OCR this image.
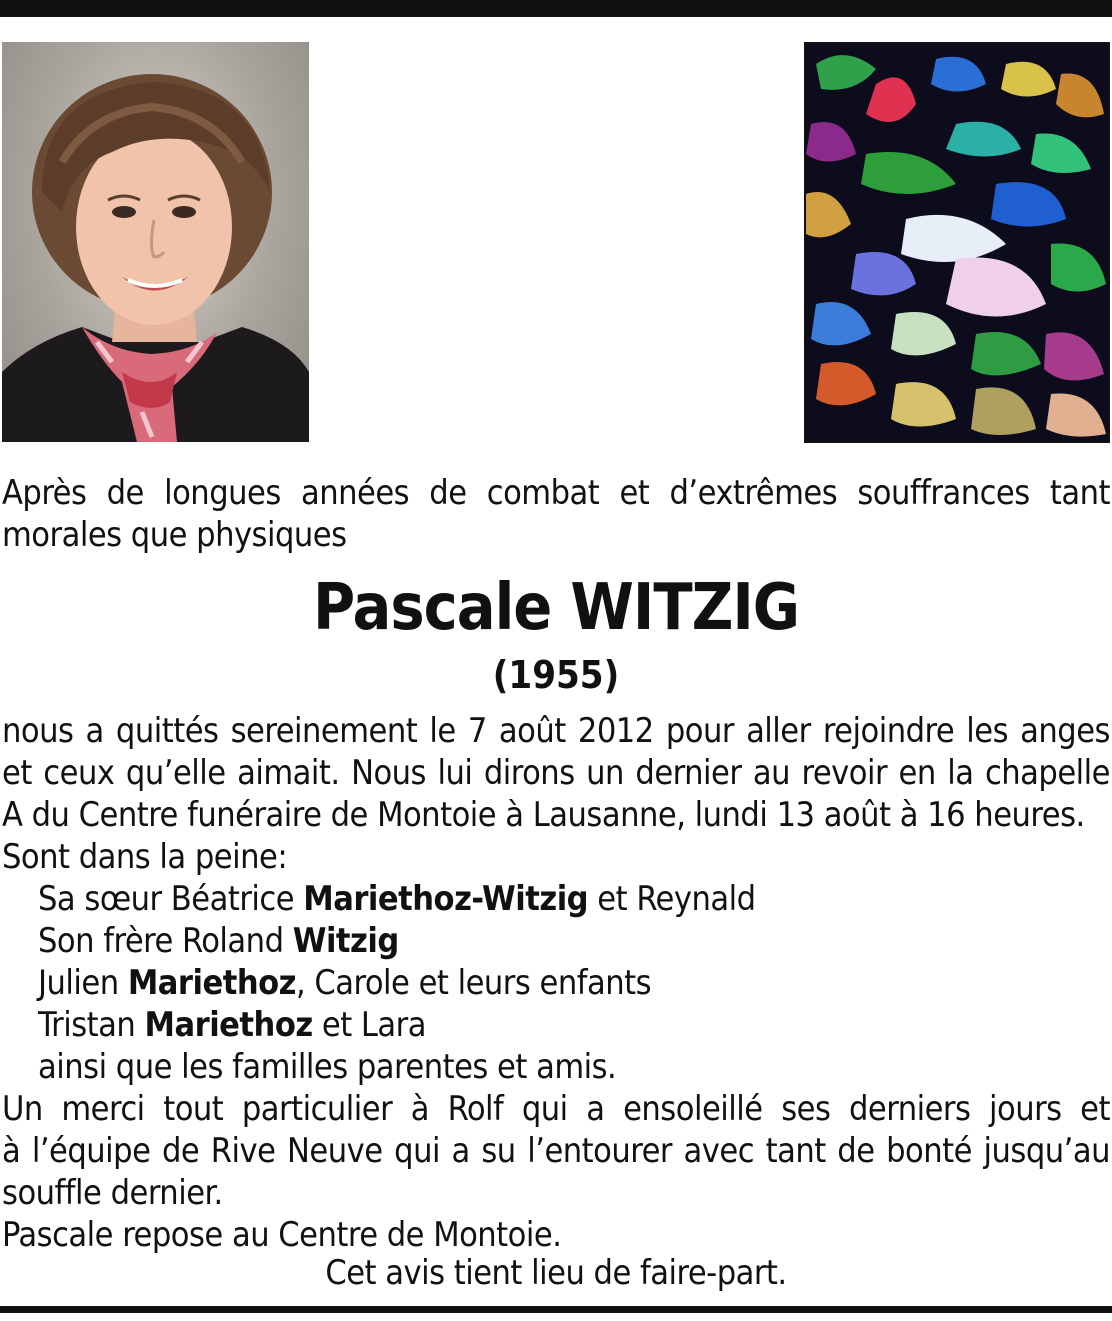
Après de longues années de combat et d’extrêmes souffrances tant morales que physiques
Pascale WITZIG
(1955)
nous a quittés sereinement le 7 août 2012 pour aller rejoindre les anges
et ceux qu’elle aimait. Nous lui dirons un dernier au revoir en la chapelle
A du Centre funéraire de Montoie à Lausanne, lundi 13 août à 16 heures.
Sont dans la peine:
Sa sœur Béatrice Mariethoz-Witzig et Reynald
Son frère Roland Witzig
Julien Mariethoz, Carole et leurs enfants
Tristan Mariethoz et Lara
ainsi que les familles parentes et amis.
Un merci tout particulier à Rolf qui a ensoleillé ses derniers jours et
à l’équipe de Rive Neuve qui a su l’entourer avec tant de bonté jusqu’au
souffle dernier.
Pascale repose au Centre de Montoie.
Cet avis tient lieu de faire-part.
